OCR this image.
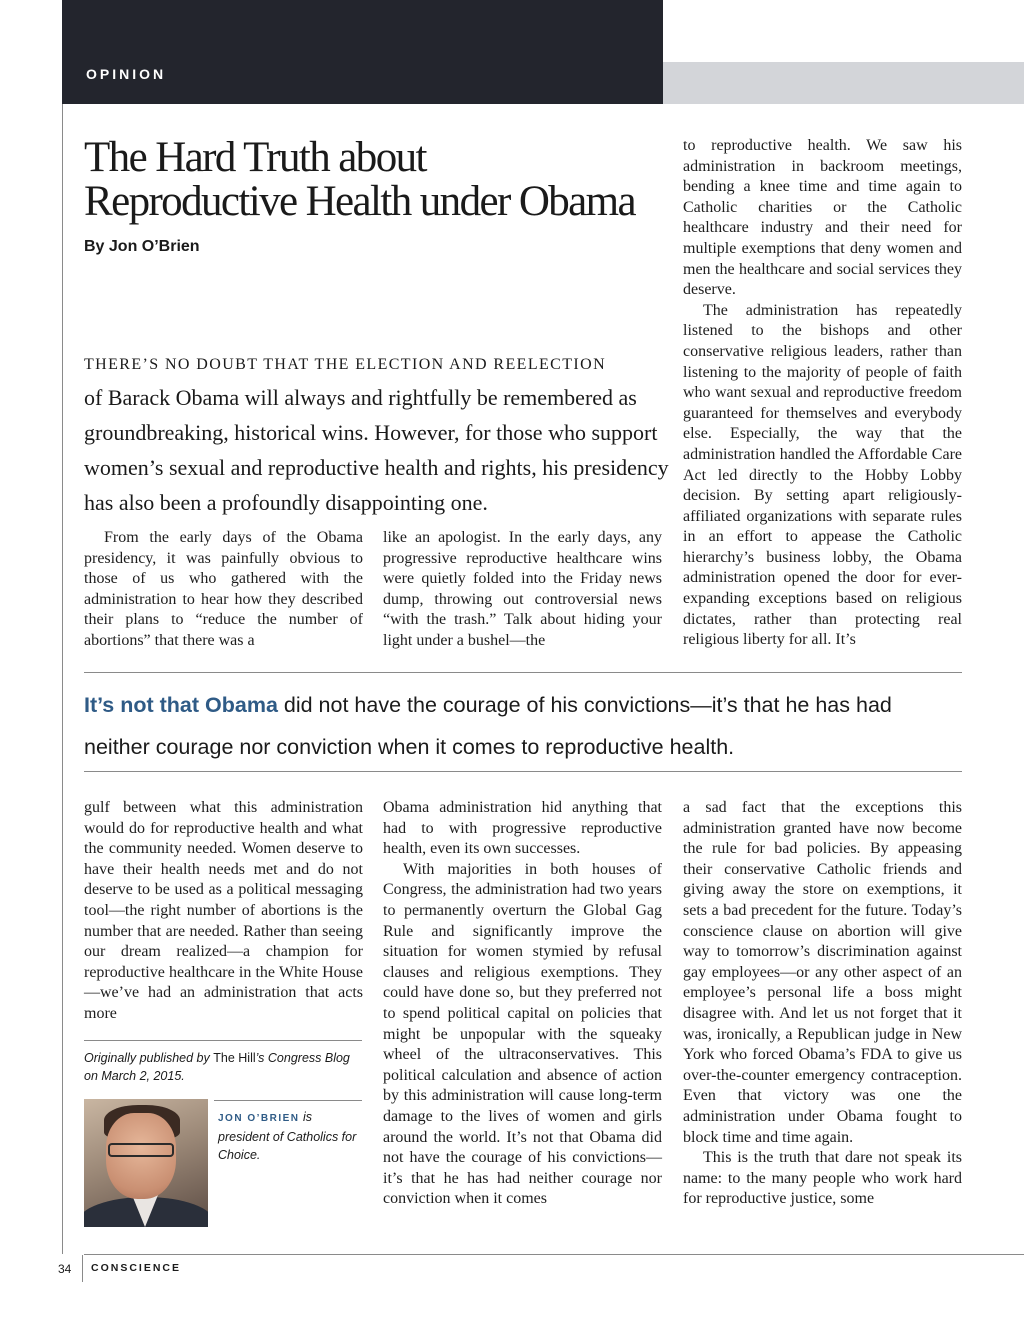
OPINION
The Hard Truth about
Reproductive Health under Obama
By Jon O’Brien
THERE’S NO DOUBT THAT THE ELECTION AND REELECTION
of Barack Obama will always and rightfully be remembered as
groundbreaking, historical wins. However, for those who support
women’s sexual and reproductive health and rights, his presidency
has also been a profoundly disappointing one.

From the early days of the Obama presidency, it was painfully obvious to those of us who gathered with the administration to hear how they described their plans to “reduce the number of abortions” that there was a

like an apologist. In the early days, any progressive reproductive healthcare wins were quietly folded into the Friday news dump, throwing out controversial news “with the trash.” Talk about hiding your light under a bushel—the

to reproductive health. We saw his administration in backroom meetings, bending a knee time and time again to Catholic charities or the Catholic healthcare industry and their need for multiple exemptions that deny women and men the healthcare and social services they deserve.

The administration has repeatedly listened to the bishops and other conservative religious leaders, rather than listening to the majority of people of faith who want sexual and reproductive freedom guaranteed for themselves and everybody else. Especially, the way that the administration handled the Affordable Care Act led directly to the Hobby Lobby decision. By setting apart religiously-affiliated organizations with separate rules in an effort to appease the Catholic hierarchy’s business lobby, the Obama administration opened the door for ever-expanding exceptions based on religious dictates, rather than protecting real religious liberty for all. It’s

It’s not that Obama did not have the courage of his convictions—it’s that he has had
neither courage nor conviction when it comes to reproductive health.

gulf between what this administration would do for reproductive health and what the community needed. Women deserve to have their health needs met and do not deserve to be used as a political messaging tool—the right number of abortions is the number that are needed. Rather than seeing our dream realized—a champion for reproductive healthcare in the White House—we’ve had an administration that acts more

Obama administration hid anything that had to with progressive reproductive health, even its own successes.

With majorities in both houses of Congress, the administration had two years to permanently overturn the Global Gag Rule and significantly improve the situation for women stymied by refusal clauses and religious exemptions. They could have done so, but they preferred not to spend political capital on policies that might be unpopular with the squeaky wheel of the ultraconservatives. This political calculation and absence of action by this administration will cause long-term damage to the lives of women and girls around the world. It’s not that Obama did not have the courage of his convictions—it’s that he has had neither courage nor conviction when it comes

a sad fact that the exceptions this administration granted have now become the rule for bad policies. By appeasing their conservative Catholic friends and giving away the store on exemptions, it sets a bad precedent for the future. Today’s conscience clause on abortion will give way to tomorrow’s discrimination against gay employees—or any other aspect of an employee’s personal life a boss might disagree with. And let us not forget that it was, ironically, a Republican judge in New York who forced Obama’s FDA to give us over-the-counter emergency contraception. Even that victory was one the administration under Obama fought to block time and time again.

This is the truth that dare not speak its name: to the many people who work hard for reproductive justice, some

Originally published by The Hill’s Congress Blog on March 2, 2015.
JON O’BRIEN is president of Catholics for Choice.
34 CONSCIENCE
